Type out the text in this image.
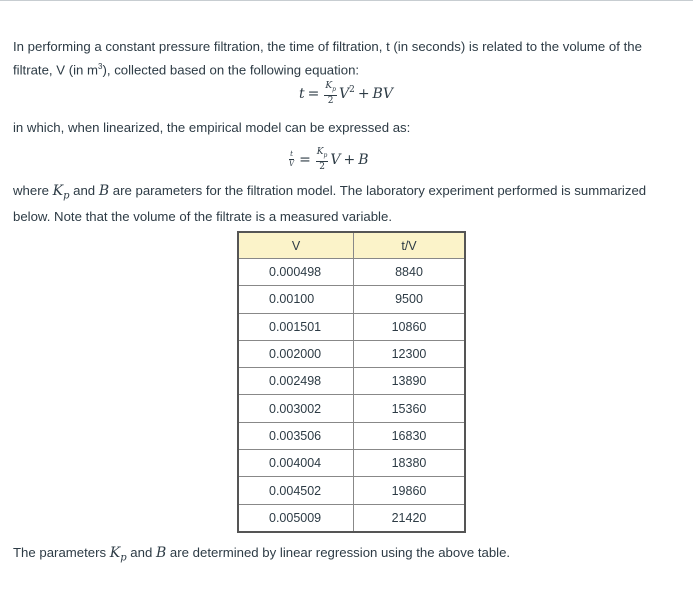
In performing a constant pressure filtration, the time of filtration, t (in seconds) is related to the volume of the filtrate, V (in $m^3$), collected based on the following equation:

$t = \frac{K_p}{2} V^2$ + BV

in which, when linearized, the empirical model can be expressed as:

$\frac{t}{V} = \frac{K_p}{2}$ V + B

where $K_p$ and B are parameters for the filtration model. The laboratory experiment performed is summarized below. Note that the volume of the filtrate is a measured variable.

V	t/V
0.000498	8840
0.00100	9500
0.001501	10860
0.002000	12300
0.002498	13890
0.003002	15360
0.003506	16830
0.004004	18380
0.004502	19860
0.005009	21420

The parameters $K_p$ and B are determined by linear regression using the above table.
